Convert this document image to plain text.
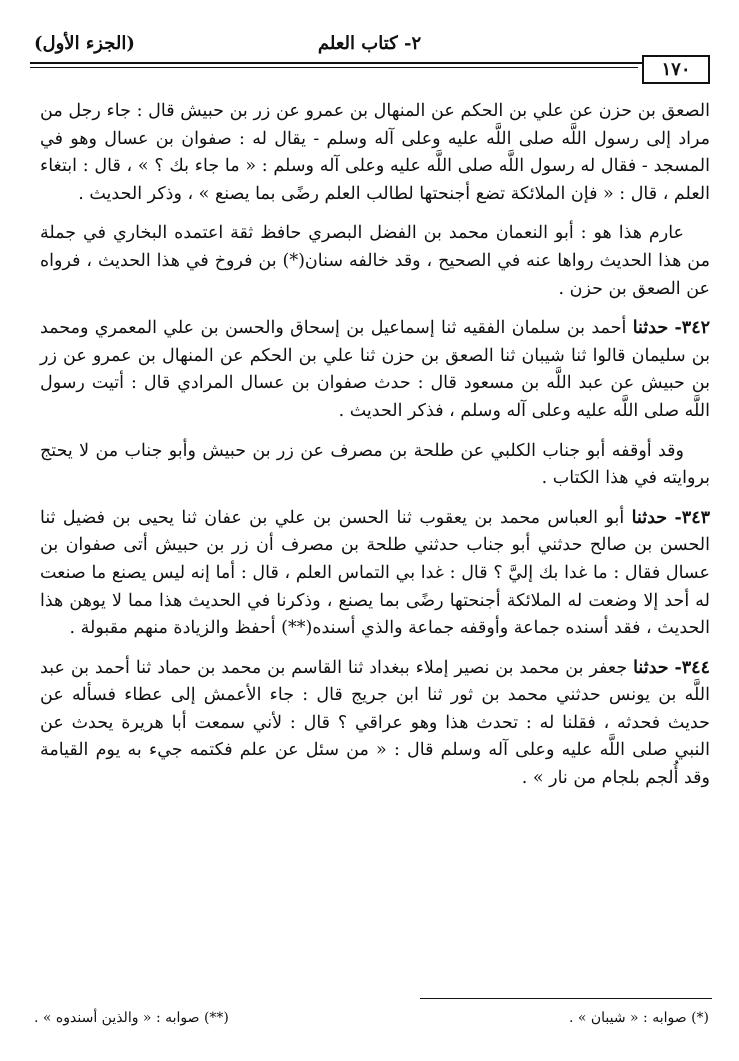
(الجزء الأول)	٢- كتاب العلم
١٧٠

الصعق بن حزن عن علي بن الحكم عن المنهال بن عمرو عن زر بن حبيش قال : جاء رجل من مراد إلى رسول اللَّه صلى اللَّه عليه وعلى آله وسلم - يقال له : صفوان بن عسال وهو في المسجد - فقال له رسول اللَّه صلى اللَّه عليه وعلى آله وسلم : « ما جاء بك ؟ » ، قال : ابتغاء العلم ، قال : « فإن الملائكة تضع أجنحتها لطالب العلم رضًى بما يصنع » ، وذكر الحديث .

عارم هذا هو : أبو النعمان محمد بن الفضل البصري حافظ ثقة اعتمده البخاري في جملة من هذا الحديث رواها عنه في الصحيح ، وقد خالفه سنان(*) بن فروخ في هذا الحديث ، فرواه عن الصعق بن حزن .

٣٤٢- حدثنا أحمد بن سلمان الفقيه ثنا إسماعيل بن إسحاق والحسن بن علي المعمري ومحمد بن سليمان قالوا ثنا شيبان ثنا الصعق بن حزن ثنا علي بن الحكم عن المنهال بن عمرو عن زر بن حبيش عن عبد اللَّه بن مسعود قال : حدث صفوان بن عسال المرادي قال : أتيت رسول اللَّه صلى اللَّه عليه وعلى آله وسلم ، فذكر الحديث .

وقد أوقفه أبو جناب الكلبي عن طلحة بن مصرف عن زر بن حبيش وأبو جناب من لا يحتج بروايته في هذا الكتاب .

٣٤٣- حدثنا أبو العباس محمد بن يعقوب ثنا الحسن بن علي بن عفان ثنا يحيى بن فضيل ثنا الحسن بن صالح حدثني أبو جناب حدثني طلحة بن مصرف أن زر بن حبيش أتى صفوان بن عسال فقال : ما غدا بك إليَّ ؟ قال : غدا بي التماس العلم ، قال : أما إنه ليس يصنع ما صنعت له أحد إلا وضعت له الملائكة أجنحتها رضًى بما يصنع ، وذكرنا في الحديث هذا مما لا يوهن هذا الحديث ، فقد أسنده جماعة وأوقفه جماعة والذي أسنده(**) أحفظ والزيادة منهم مقبولة .

٣٤٤- حدثنا جعفر بن محمد بن نصير إملاء ببغداد ثنا القاسم بن محمد بن حماد ثنا أحمد بن عبد اللَّه بن يونس حدثني محمد بن ثور ثنا ابن جريج قال : جاء الأعمش إلى عطاء فسأله عن حديث فحدثه ، فقلنا له : تحدث هذا وهو عراقي ؟ قال : لأني سمعت أبا هريرة يحدث عن النبي صلى اللَّه عليه وعلى آله وسلم قال : « من سئل عن علم فكتمه جيء به يوم القيامة وقد أُلجم بلجام من نار » .

(*) صوابه : « شيبان » .
(**) صوابه : « والذين أسندوه » .
